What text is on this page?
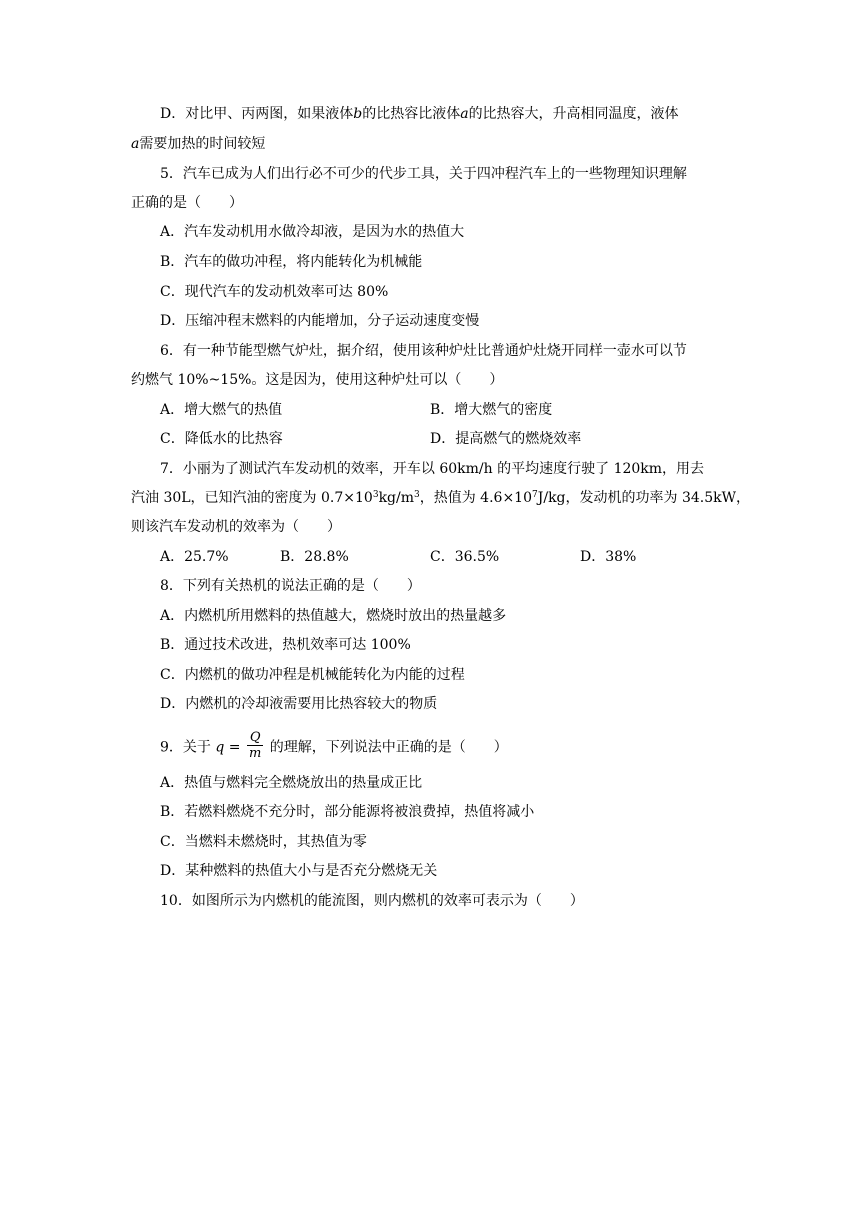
D．对比甲、丙两图，如果液体b的比热容比液体a的比热容大，升高相同温度，液体
a需要加热的时间较短
5．汽车已成为人们出行必不可少的代步工具，关于四冲程汽车上的一些物理知识理解
正确的是（　　）
A．汽车发动机用水做冷却液，是因为水的热值大
B．汽车的做功冲程，将内能转化为机械能
C．现代汽车的发动机效率可达 80%
D．压缩冲程末燃料的内能增加，分子运动速度变慢
6．有一种节能型燃气炉灶，据介绍，使用该种炉灶比普通炉灶烧开同样一壶水可以节
约燃气 10%~15%。这是因为，使用这种炉灶可以（　　）
A．增大燃气的热值	B．增大燃气的密度
C．降低水的比热容	D．提高燃气的燃烧效率
7．小丽为了测试汽车发动机的效率，开车以 60km/h 的平均速度行驶了 120km，用去
汽油 30L，已知汽油的密度为 $0.7\times 10^3kg/m^3$，热值为 $4.6\times 10^7J/kg$，发动机的功率为 34.5kW，
则该汽车发动机的效率为（　　）
A．25.7%	B．28.8%	C．36.5%	D．38%
8．下列有关热机的说法正确的是（　　）
A．内燃机所用燃料的热值越大，燃烧时放出的热量越多
B．通过技术改进，热机效率可达 100%
C．内燃机的做功冲程是机械能转化为内能的过程
D．内燃机的冷却液需要用比热容较大的物质
9．关于 $q = \frac{Q}{m}$ 的理解，下列说法中正确的是（　　）
A．热值与燃料完全燃烧放出的热量成正比
B．若燃料燃烧不充分时，部分能源将被浪费掉，热值将减小
C．当燃料未燃烧时，其热值为零
D．某种燃料的热值大小与是否充分燃烧无关
10．如图所示为内燃机的能流图，则内燃机的效率可表示为（　　）
